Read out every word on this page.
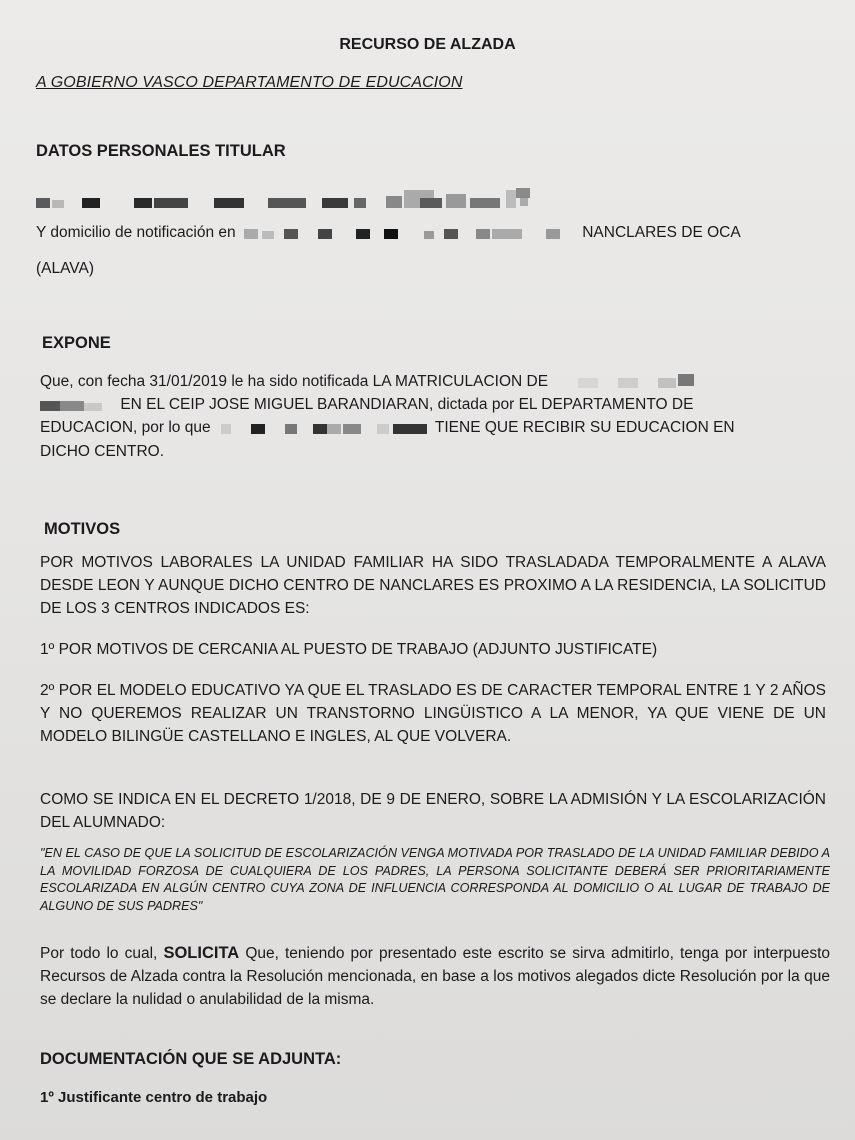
RECURSO DE ALZADA
A GOBIERNO VASCO DEPARTAMENTO DE EDUCACION
DATOS PERSONALES TITULAR
Y domicilio de notificación en	NANCLARES DE OCA
(ALAVA)
EXPONE
Que, con fecha 31/01/2019 le ha sido notificada LA MATRICULACION DE
EN EL CEIP JOSE MIGUEL BARANDIARAN, dictada por EL DEPARTAMENTO DE
EDUCACION, por lo que	TIENE QUE RECIBIR SU EDUCACION EN
DICHO CENTRO.
MOTIVOS
POR MOTIVOS LABORALES LA UNIDAD FAMILIAR HA SIDO TRASLADADA TEMPORALMENTE A ALAVA DESDE LEON Y AUNQUE DICHO CENTRO DE NANCLARES ES PROXIMO A LA RESIDENCIA, LA SOLICITUD DE LOS 3 CENTROS INDICADOS ES:
1º POR MOTIVOS DE CERCANIA AL PUESTO DE TRABAJO (ADJUNTO JUSTIFICATE)
2º POR EL MODELO EDUCATIVO YA QUE EL TRASLADO ES DE CARACTER TEMPORAL ENTRE 1 Y 2 AÑOS Y NO QUEREMOS REALIZAR UN TRANSTORNO LINGÜISTICO A LA MENOR, YA QUE VIENE DE UN MODELO BILINGÜE CASTELLANO E INGLES, AL QUE VOLVERA.
COMO SE INDICA EN EL DECRETO 1/2018, DE 9 DE ENERO, SOBRE LA ADMISIÓN Y LA ESCOLARIZACIÓN DEL ALUMNADO:
"EN EL CASO DE QUE LA SOLICITUD DE ESCOLARIZACIÓN VENGA MOTIVADA POR TRASLADO DE LA UNIDAD FAMILIAR DEBIDO A LA MOVILIDAD FORZOSA DE CUALQUIERA DE LOS PADRES, LA PERSONA SOLICITANTE DEBERÁ SER PRIORITARIAMENTE ESCOLARIZADA EN ALGÚN CENTRO CUYA ZONA DE INFLUENCIA CORRESPONDA AL DOMICILIO O AL LUGAR DE TRABAJO DE ALGUNO DE SUS PADRES"
Por todo lo cual, SOLICITA Que, teniendo por presentado este escrito se sirva admitirlo, tenga por interpuesto Recursos de Alzada contra la Resolución mencionada, en base a los motivos alegados dicte Resolución por la que se declare la nulidad o anulabilidad de la misma.
DOCUMENTACIÓN QUE SE ADJUNTA:
1º Justificante centro de trabajo
